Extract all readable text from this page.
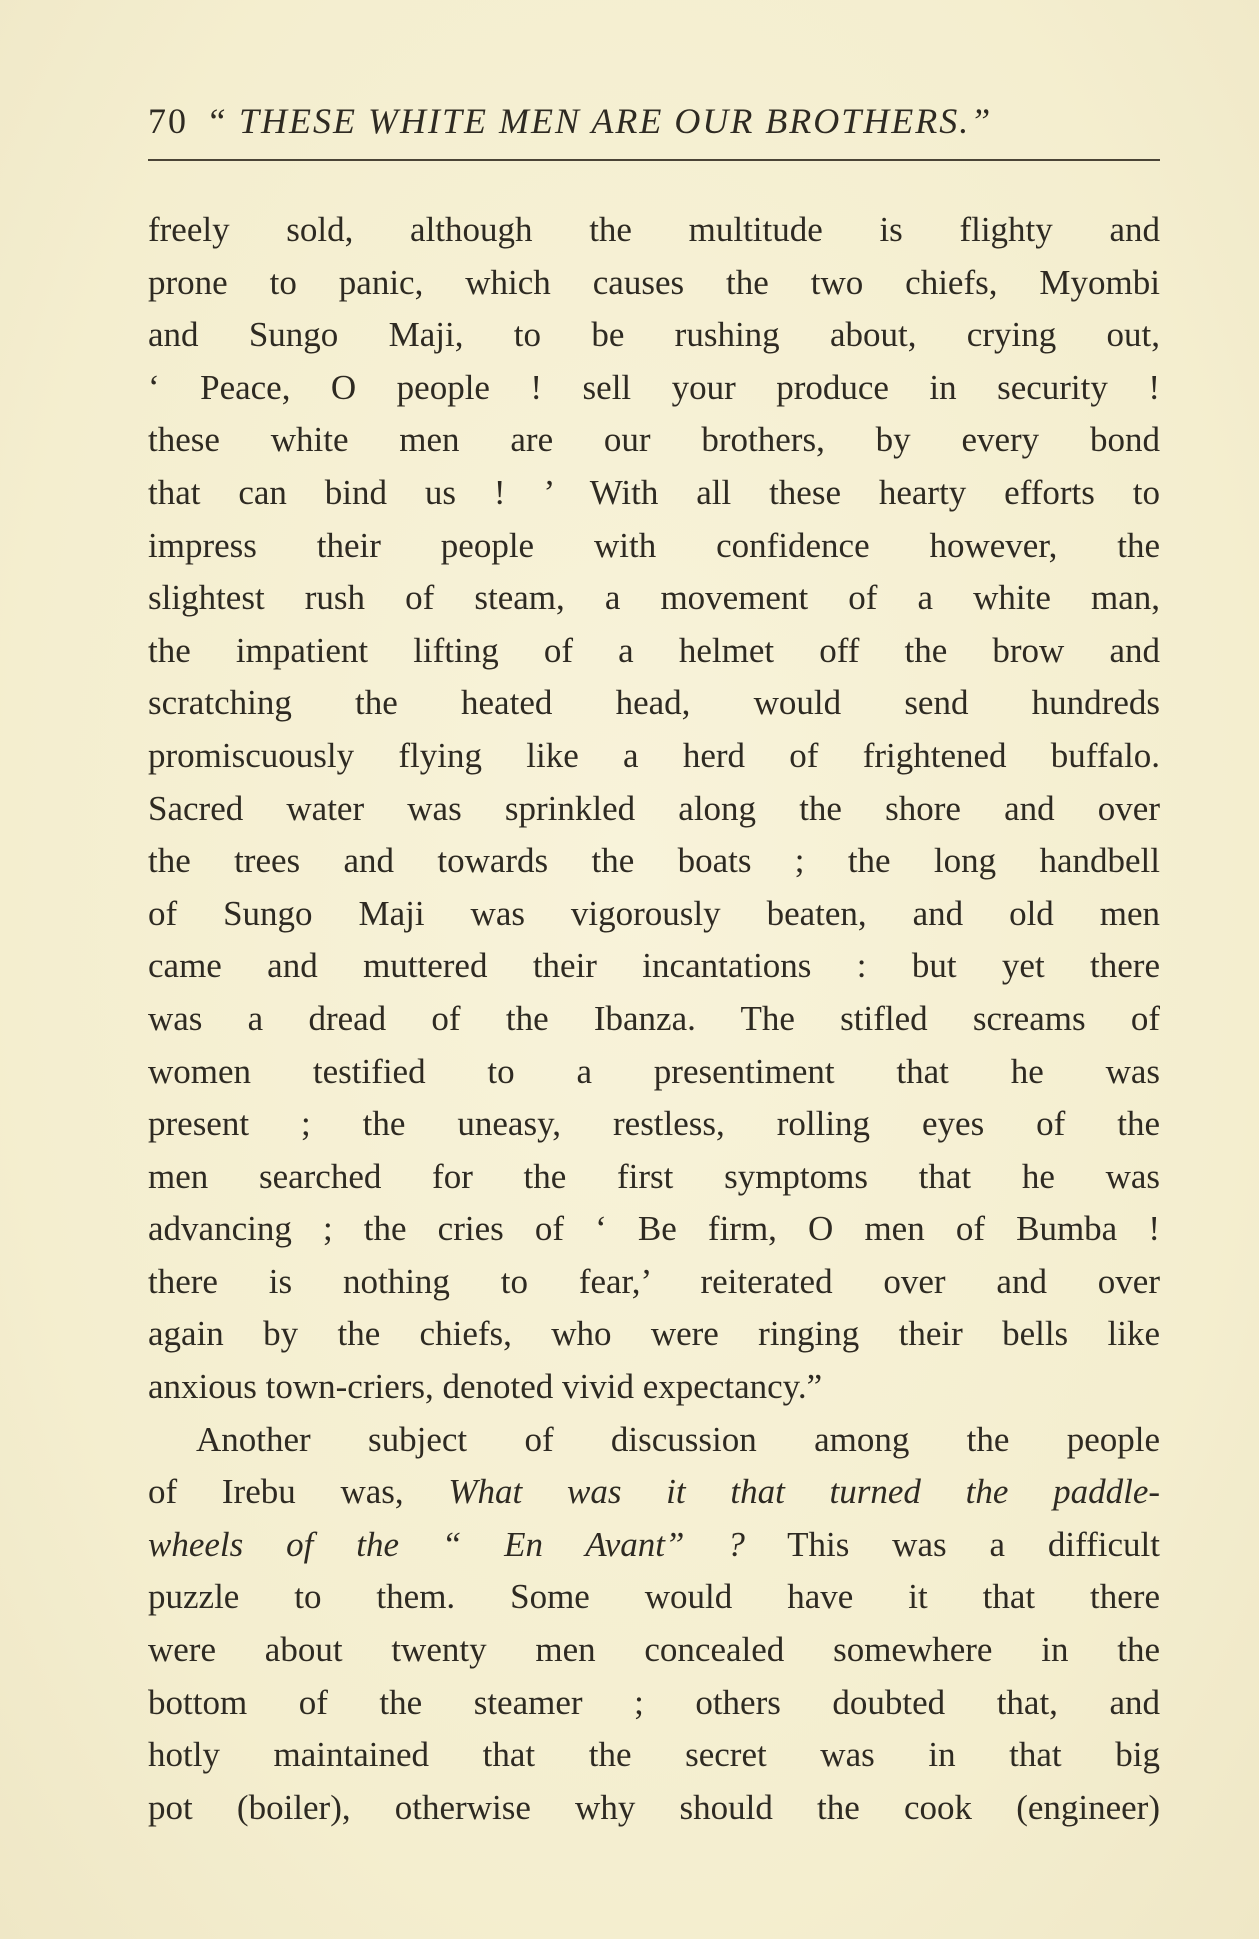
70 “ THESE WHITE MEN ARE OUR BROTHERS.”
freely sold, although the multitude is flighty and
prone to panic, which causes the two chiefs, Myombi
and Sungo Maji, to be rushing about, crying out,
‘ Peace, O people ! sell your produce in security !
these white men are our brothers, by every bond
that can bind us ! ’ With all these hearty efforts to
impress their people with confidence however, the
slightest rush of steam, a movement of a white man,
the impatient lifting of a helmet off the brow and
scratching the heated head, would send hundreds
promiscuously flying like a herd of frightened buffalo.
Sacred water was sprinkled along the shore and over
the trees and towards the boats ; the long handbell
of Sungo Maji was vigorously beaten, and old men
came and muttered their incantations : but yet there
was a dread of the Ibanza. The stifled screams of
women testified to a presentiment that he was
present ; the uneasy, restless, rolling eyes of the
men searched for the first symptoms that he was
advancing ; the cries of ‘ Be firm, O men of Bumba !
there is nothing to fear,’ reiterated over and over
again by the chiefs, who were ringing their bells like
anxious town-criers, denoted vivid expectancy.”
Another subject of discussion among the people
of Irebu was, What was it that turned the paddle-
wheels of the “ En Avant” ? This was a difficult
puzzle to them. Some would have it that there
were about twenty men concealed somewhere in the
bottom of the steamer ; others doubted that, and
hotly maintained that the secret was in that big
pot (boiler), otherwise why should the cook (engineer)
